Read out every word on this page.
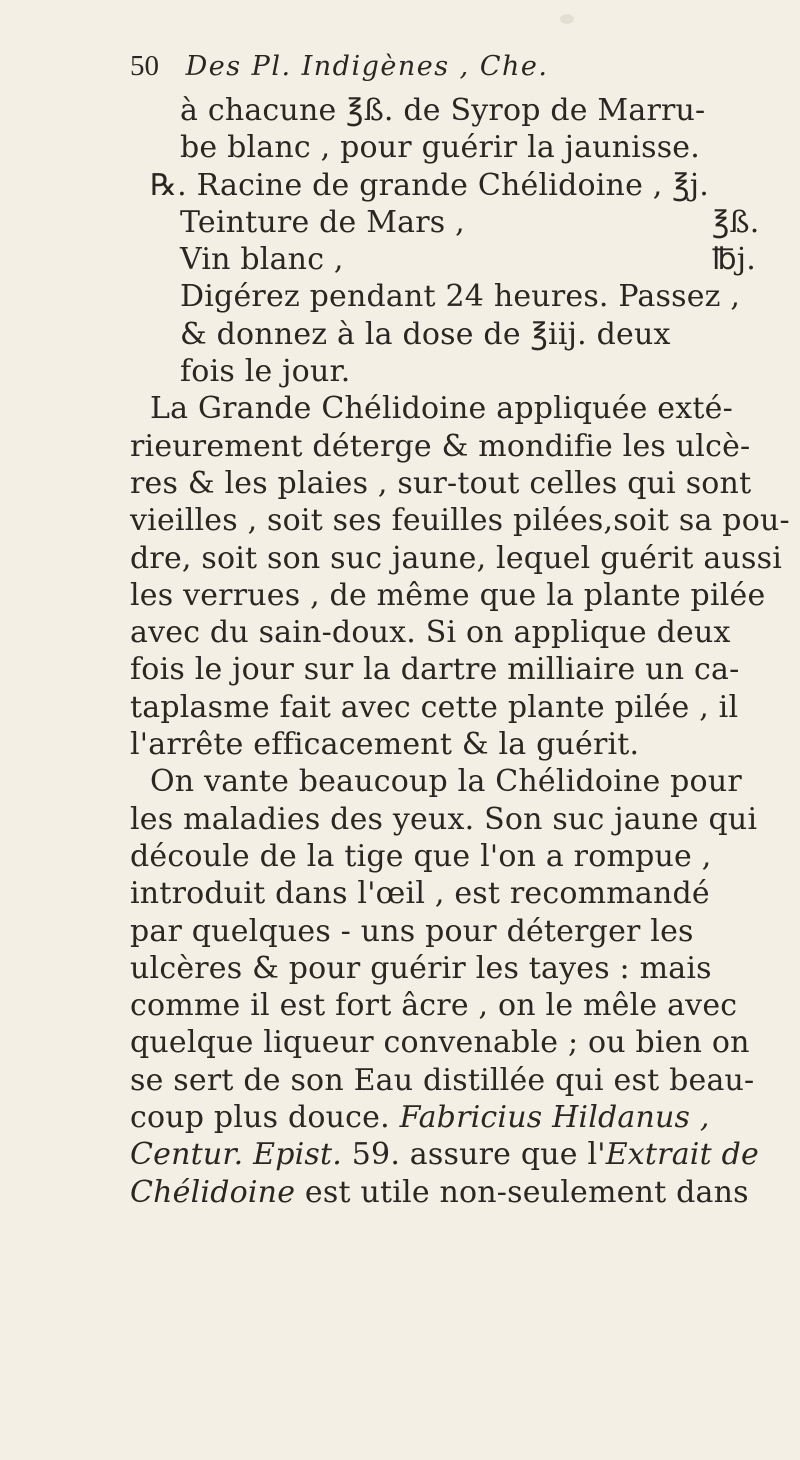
50 Des Pl. Indigènes , Che.
à chacune ℥ß. de Syrop de Marru-
be blanc , pour guérir la jaunisse.
℞. Racine de grande Chélidoine , ℥j.
Teinture de Mars ,	℥ß.
Vin blanc ,	℔j.
Digérez pendant 24 heures. Passez ,
& donnez à la dose de ℥iij. deux
fois le jour.
La Grande Chélidoine appliquée exté-
rieurement déterge & mondifie les ulcè-
res & les plaies , sur-tout celles qui sont
vieilles , soit ses feuilles pilées,soit sa pou-
dre, soit son suc jaune, lequel guérit aussi
les verrues , de même que la plante pilée
avec du sain-doux. Si on applique deux
fois le jour sur la dartre milliaire un ca-
taplasme fait avec cette plante pilée , il
l'arrête efficacement & la guérit.
On vante beaucoup la Chélidoine pour
les maladies des yeux. Son suc jaune qui
découle de la tige que l'on a rompue ,
introduit dans l'œil , est recommandé
par quelques - uns pour déterger les
ulcères & pour guérir les tayes : mais
comme il est fort âcre , on le mêle avec
quelque liqueur convenable ; ou bien on
se sert de son Eau distillée qui est beau-
coup plus douce. Fabricius Hildanus ,
Centur. Epist. 59. assure que l'Extrait de
Chélidoine est utile non-seulement dans
